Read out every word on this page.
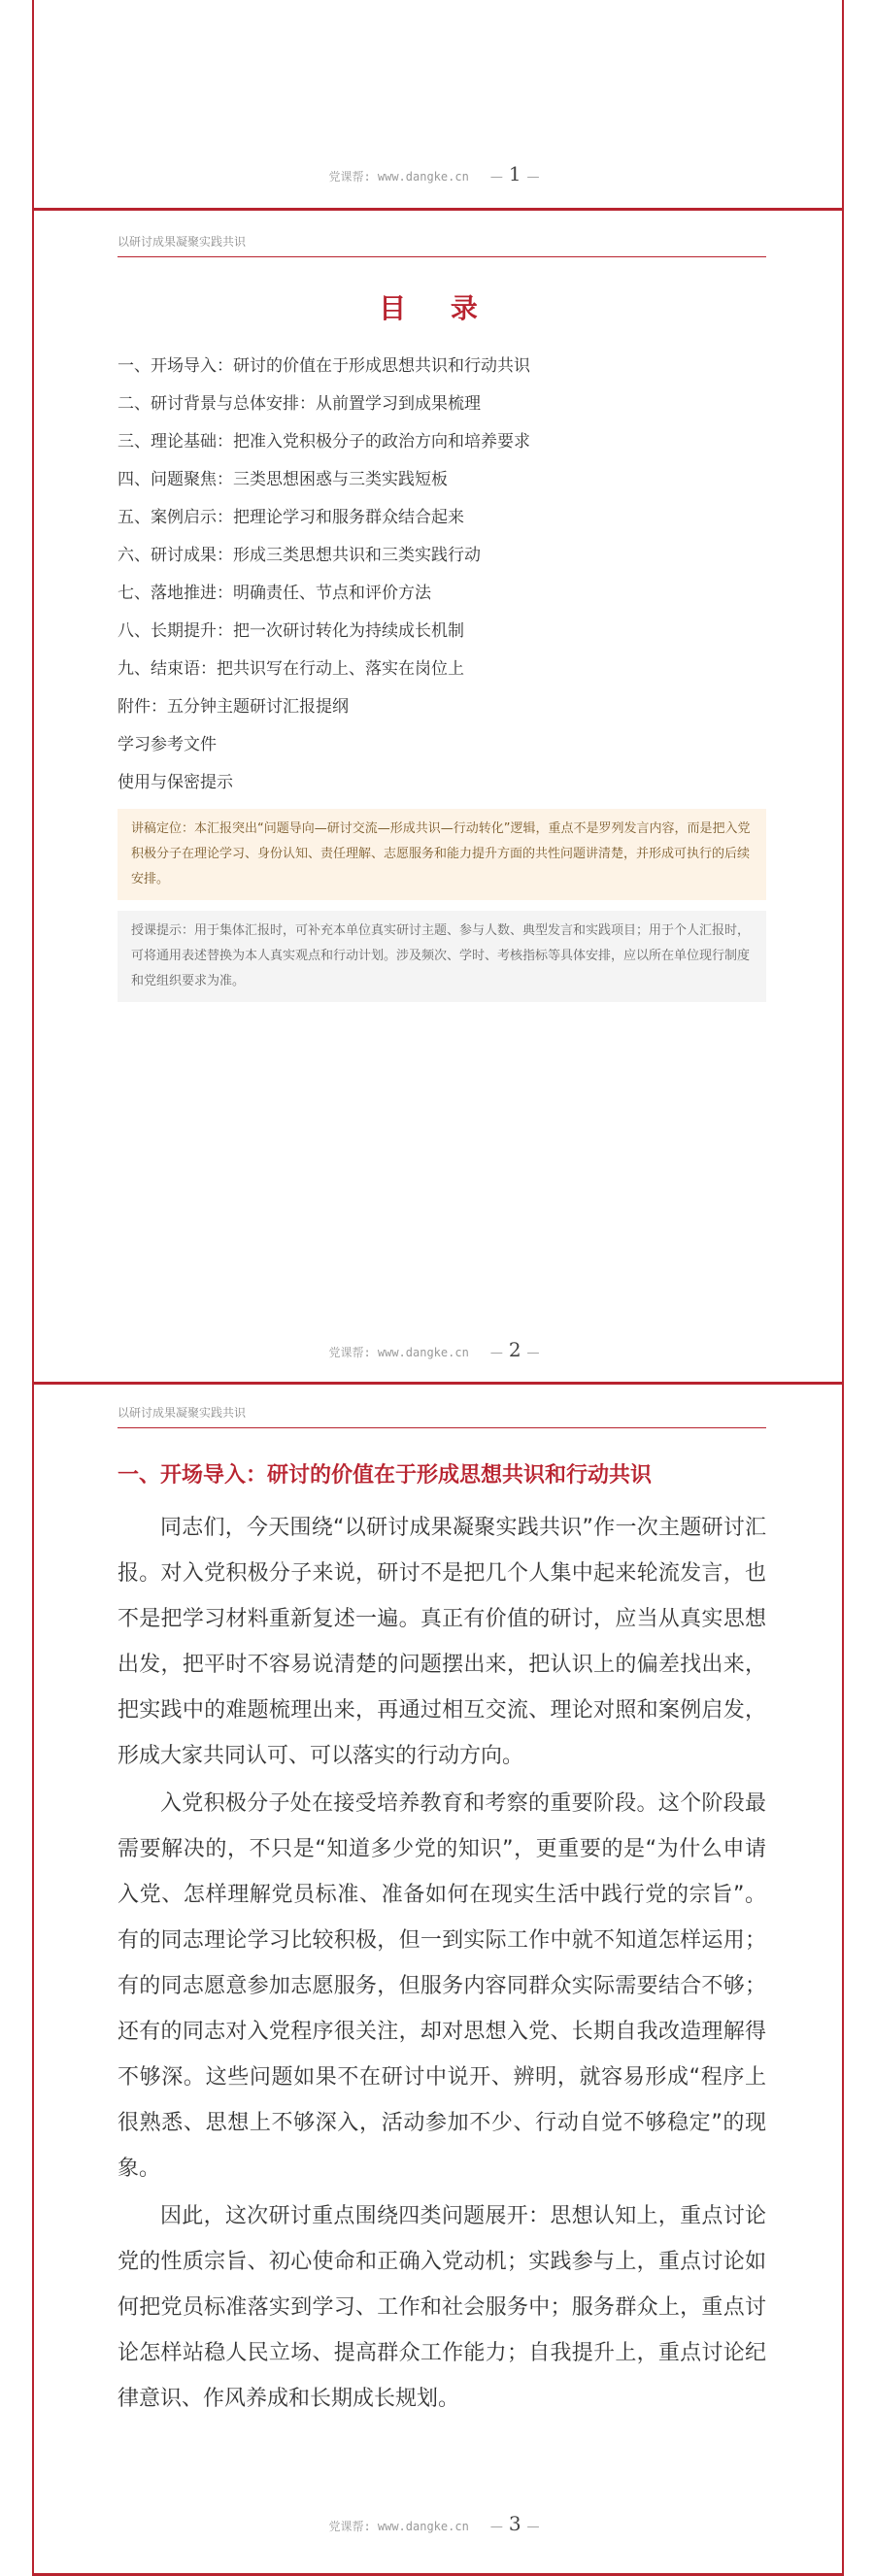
党课帮: www.dangke.cn — 1 —
以研讨成果凝聚实践共识
目 录
一、开场导入：研讨的价值在于形成思想共识和行动共识
二、研讨背景与总体安排：从前置学习到成果梳理
三、理论基础：把准入党积极分子的政治方向和培养要求
四、问题聚焦：三类思想困惑与三类实践短板
五、案例启示：把理论学习和服务群众结合起来
六、研讨成果：形成三类思想共识和三类实践行动
七、落地推进：明确责任、节点和评价方法
八、长期提升：把一次研讨转化为持续成长机制
九、结束语：把共识写在行动上、落实在岗位上
附件：五分钟主题研讨汇报提纲
学习参考文件
使用与保密提示
讲稿定位：本汇报突出“问题导向—研讨交流—形成共识—行动转化”逻辑，重点不是罗列发言内容，而是把入党积极分子在理论学习、身份认知、责任理解、志愿服务和能力提升方面的共性问题讲清楚，并形成可执行的后续安排。
授课提示：用于集体汇报时，可补充本单位真实研讨主题、参与人数、典型发言和实践项目；用于个人汇报时，可将通用表述替换为本人真实观点和行动计划。涉及频次、学时、考核指标等具体安排，应以所在单位现行制度和党组织要求为准。
党课帮: www.dangke.cn — 2 —
以研讨成果凝聚实践共识
一、开场导入：研讨的价值在于形成思想共识和行动共识

同志们，今天围绕“以研讨成果凝聚实践共识”作一次主题研讨汇报。对入党积极分子来说，研讨不是把几个人集中起来轮流发言，也不是把学习材料重新复述一遍。真正有价值的研讨，应当从真实思想出发，把平时不容易说清楚的问题摆出来，把认识上的偏差找出来，把实践中的难题梳理出来，再通过相互交流、理论对照和案例启发，形成大家共同认可、可以落实的行动方向。

入党积极分子处在接受培养教育和考察的重要阶段。这个阶段最需要解决的，不只是“知道多少党的知识”，更重要的是“为什么申请入党、怎样理解党员标准、准备如何在现实生活中践行党的宗旨”。有的同志理论学习比较积极，但一到实际工作中就不知道怎样运用；有的同志愿意参加志愿服务，但服务内容同群众实际需要结合不够；还有的同志对入党程序很关注，却对思想入党、长期自我改造理解得不够深。这些问题如果不在研讨中说开、辨明，就容易形成“程序上很熟悉、思想上不够深入，活动参加不少、行动自觉不够稳定”的现象。

因此，这次研讨重点围绕四类问题展开：思想认知上，重点讨论党的性质宗旨、初心使命和正确入党动机；实践参与上，重点讨论如何把党员标准落实到学习、工作和社会服务中；服务群众上，重点讨论怎样站稳人民立场、提高群众工作能力；自我提升上，重点讨论纪律意识、作风养成和长期成长规划。

党课帮: www.dangke.cn — 3 —
